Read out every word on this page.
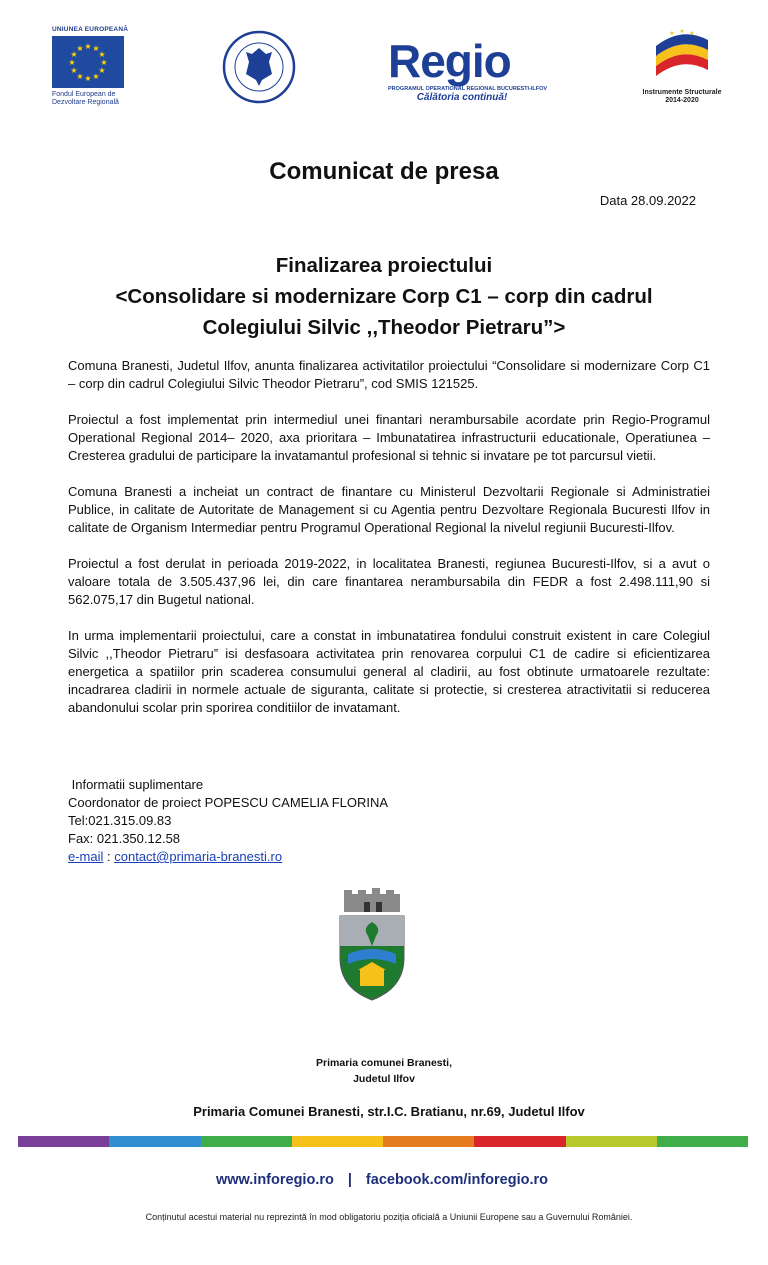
UNIUNEA EUROPEANĂ
★ ★
★
★
★
★
★
★
★
★
★
★
Fondul European de Dezvoltare Regională
Regio
PROGRAMUL OPERATIONAL REGIONAL BUCURESTI-ILFOV
Călătoria continuă!
★ ★
★
Instrumente Structurale
2014-2020
Comunicat de presa
Data 28.09.2022
Finalizarea proiectului
<Consolidare si modernizare Corp C1 – corp din cadrul
Colegiului Silvic ,,Theodor Pietraru”>

Comuna Branesti, Judetul Ilfov, anunta finalizarea activitatilor proiectului “Consolidare si modernizare Corp C1 – corp din cadrul Colegiului Silvic Theodor Pietraru”, cod SMIS 121525.

Proiectul a fost implementat prin intermediul unei finantari nerambursabile acordate prin Regio-Programul Operational Regional 2014– 2020, axa prioritara – Imbunatatirea infrastructurii educationale, Operatiunea – Cresterea gradului de participare la invatamantul profesional si tehnic si invatare pe tot parcursul vietii.

Comuna Branesti a incheiat un contract de finantare cu Ministerul Dezvoltarii Regionale si Administratiei Publice, in calitate de Autoritate de Management si cu Agentia pentru Dezvoltare Regionala Bucuresti Ilfov in calitate de Organism Intermediar pentru Programul Operational Regional la nivelul regiunii Bucuresti-Ilfov.

Proiectul a fost derulat in perioada 2019-2022, in localitatea Branesti, regiunea Bucuresti-Ilfov, si a avut o valoare totala de 3.505.437,96 lei, din care finantarea nerambursabila din FEDR a fost 2.498.111,90 si 562.075,17 din Bugetul national.

In urma implementarii proiectului, care a constat in imbunatatirea fondului construit existent in care Colegiul Silvic ,,Theodor Pietraru” isi desfasoara activitatea prin renovarea corpului C1 de cadire si eficientizarea energetica a spatiilor prin scaderea consumului general al cladirii, au fost obtinute urmatoarele rezultate: incadrarea cladirii in normele actuale de siguranta, calitate si protectie, si cresterea atractivitatii si reducerea abandonului scolar prin sporirea conditiilor de invatamant.

Informatii suplimentare
Coordonator de proiect POPESCU CAMELIA FLORINA
Tel:021.315.09.83
Fax: 021.350.12.58
e-mail : contact@primaria-branesti.ro
Primaria comunei Branesti,
Judetul Ilfov
Primaria Comunei Branesti, str.I.C. Bratianu, nr.69, Judetul Ilfov
www.inforegio.ro | facebook.com/inforegio.ro
Conținutul acestui material nu reprezintă în mod obligatoriu poziția oficială a Uniunii Europene sau a Guvernului României.
